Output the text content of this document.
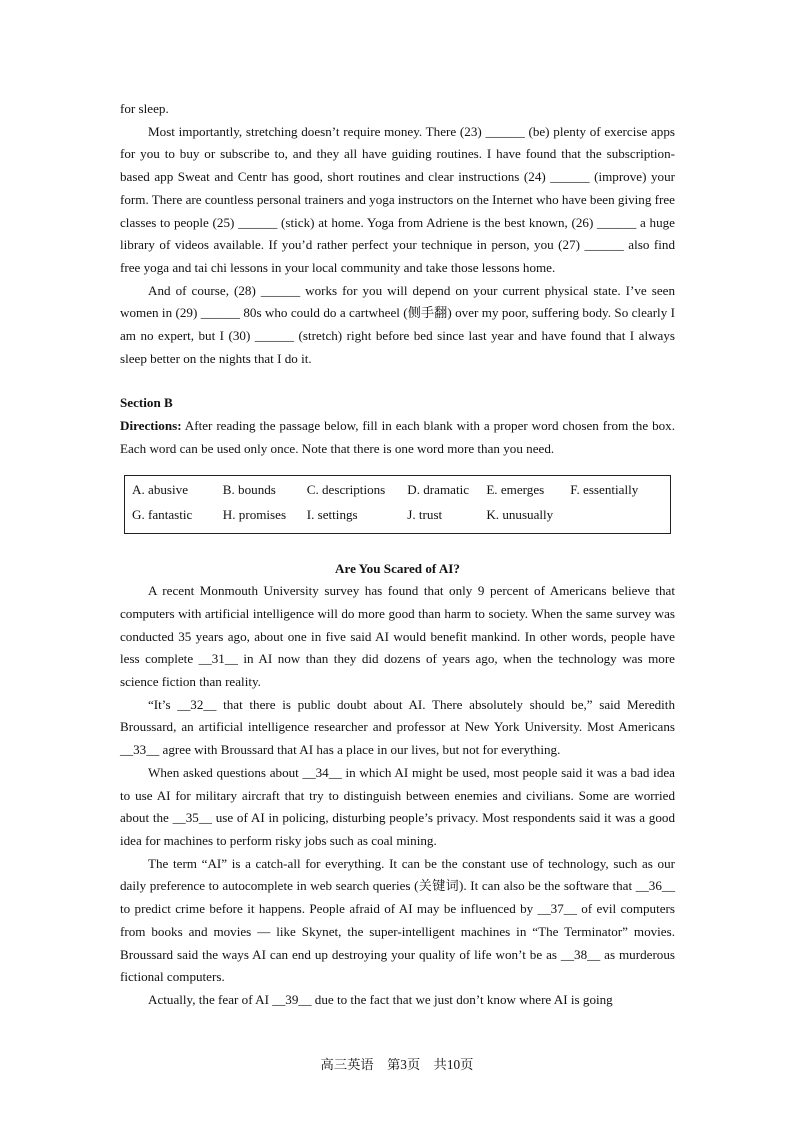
for sleep.

Most importantly, stretching doesn’t require money. There (23) ______ (be) plenty of exercise apps for you to buy or subscribe to, and they all have guiding routines. I have found that the subscription-based app Sweat and Centr has good, short routines and clear instructions (24) ______ (improve) your form. There are countless personal trainers and yoga instructors on the Internet who have been giving free classes to people (25) ______ (stick) at home. Yoga from Adriene is the best known, (26) ______ a huge library of videos available. If you’d rather perfect your technique in person, you (27) ______ also find free yoga and tai chi lessons in your local community and take those lessons home.

And of course, (28) ______ works for you will depend on your current physical state. I’ve seen women in (29) ______ 80s who could do a cartwheel (侧手翻) over my poor, suffering body. So clearly I am no expert, but I (30) ______ (stretch) right before bed since last year and have found that I always sleep better on the nights that I do it.

Section B

Directions: After reading the passage below, fill in each blank with a proper word chosen from the box. Each word can be used only once. Note that there is one word more than you need.

A. abusive	B. bounds	C. descriptions	D. dramatic	E. emerges	F. essentially
G. fantastic	H. promises	I. settings	J. trust	K. unusually

Are You Scared of AI?

A recent Monmouth University survey has found that only 9 percent of Americans believe that computers with artificial intelligence will do more good than harm to society. When the same survey was conducted 35 years ago, about one in five said AI would benefit mankind. In other words, people have less complete __31__ in AI now than they did dozens of years ago, when the technology was more science fiction than reality.

“It’s __32__ that there is public doubt about AI. There absolutely should be,” said Meredith Broussard, an artificial intelligence researcher and professor at New York University. Most Americans __33__ agree with Broussard that AI has a place in our lives, but not for everything.

When asked questions about __34__ in which AI might be used, most people said it was a bad idea to use AI for military aircraft that try to distinguish between enemies and civilians. Some are worried about the __35__ use of AI in policing, disturbing people’s privacy. Most respondents said it was a good idea for machines to perform risky jobs such as coal mining.

The term “AI” is a catch-all for everything. It can be the constant use of technology, such as our daily preference to autocomplete in web search queries (关键词). It can also be the software that __36__ to predict crime before it happens. People afraid of AI may be influenced by __37__ of evil computers from books and movies — like Skynet, the super-intelligent machines in “The Terminator” movies. Broussard said the ways AI can end up destroying your quality of life won’t be as __38__ as murderous fictional computers.

Actually, the fear of AI __39__ due to the fact that we just don’t know where AI is going

高三英语　第3页　共10页
